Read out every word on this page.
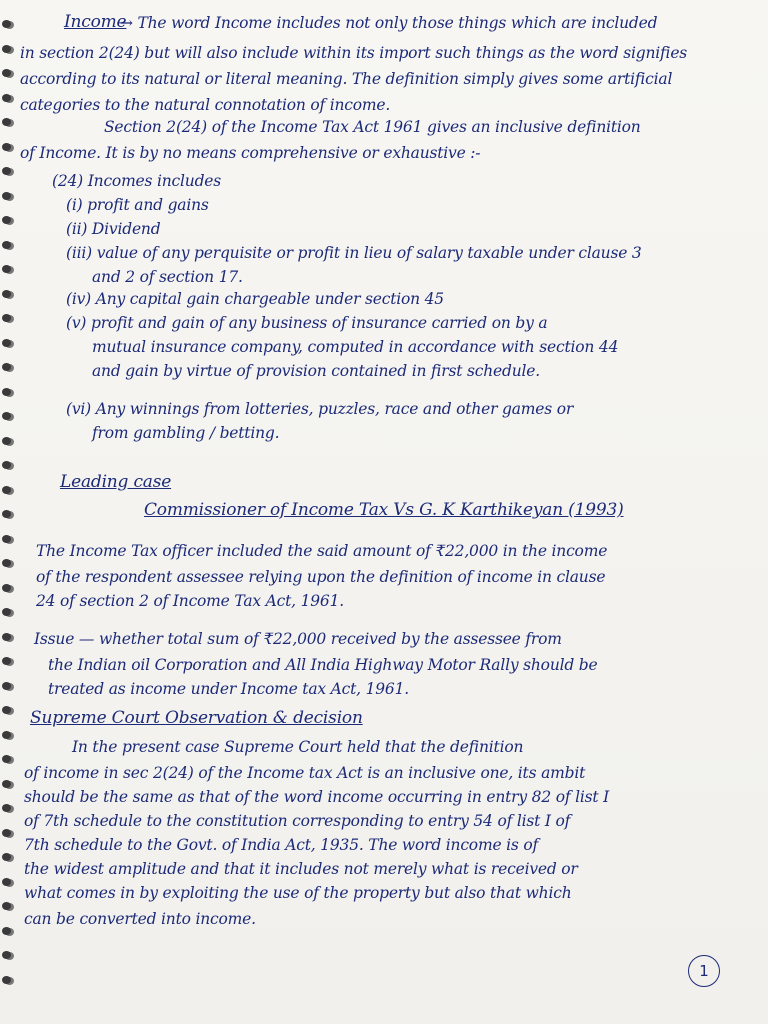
Income
→ The word Income includes not only those things which are included
in section 2(24) but will also include within its import such things as the word signifies
according to its natural or literal meaning. The definition simply gives some artificial
categories to the natural connotation of income.
Section 2(24) of the Income Tax Act 1961 gives an inclusive definition
of Income. It is by no means comprehensive or exhaustive :-
(24) Incomes includes
(i) profit and gains
(ii) Dividend
(iii) value of any perquisite or profit in lieu of salary taxable under clause 3
and 2 of section 17.
(iv) Any capital gain chargeable under section 45
(v) profit and gain of any business of insurance carried on by a
mutual insurance company, computed in accordance with section 44
and gain by virtue of provision contained in first schedule.
(vi) Any winnings from lotteries, puzzles, race and other games or
from gambling / betting.
Leading case
Commissioner of Income Tax Vs G. K Karthikeyan (1993)
The Income Tax officer included the said amount of ₹22,000 in the income
of the respondent assessee relying upon the definition of income in clause
24 of section 2 of Income Tax Act, 1961.
Issue — whether total sum of ₹22,000 received by the assessee from
the Indian oil Corporation and All India Highway Motor Rally should be
treated as income under Income tax Act, 1961.
Supreme Court Observation & decision
In the present case Supreme Court held that the definition
of income in sec 2(24) of the Income tax Act is an inclusive one, its ambit
should be the same as that of the word income occurring in entry 82 of list I
of 7th schedule to the constitution corresponding to entry 54 of list I of
7th schedule to the Govt. of India Act, 1935. The word income is of
the widest amplitude and that it includes not merely what is received or
what comes in by exploiting the use of the property but also that which
can be converted into income.
1
